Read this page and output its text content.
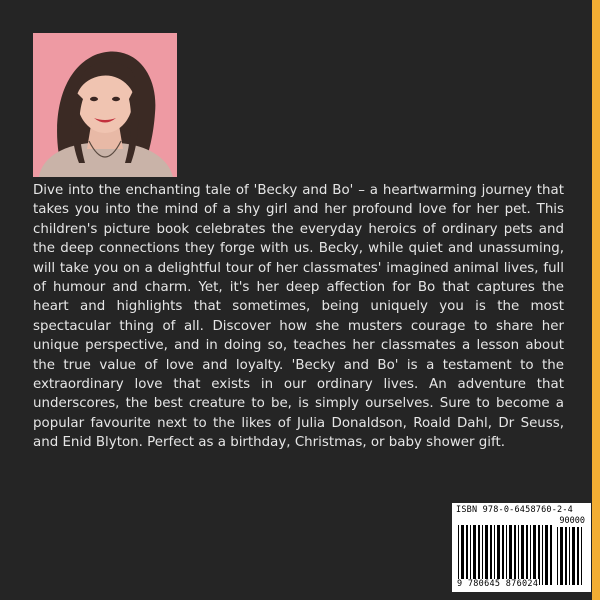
Dive into the enchanting tale of 'Becky and Bo' – a heartwarming journey that takes you into the mind of a shy girl and her profound love for her pet. This children's picture book celebrates the everyday heroics of ordinary pets and the deep connections they forge with us. Becky, while quiet and unassuming, will take you on a delightful tour of her classmates' imagined animal lives, full of humour and charm. Yet, it's her deep affection for Bo that captures the heart and highlights that sometimes, being uniquely you is the most spectacular thing of all. Discover how she musters courage to share her unique perspective, and in doing so, teaches her classmates a lesson about the true value of love and loyalty. 'Becky and Bo' is a testament to the extraordinary love that exists in our ordinary lives. An adventure that underscores, the best creature to be, is simply ourselves. Sure to become a popular favourite next to the likes of Julia Donaldson, Roald Dahl, Dr Seuss, and Enid Blyton. Perfect as a birthday, Christmas, or baby shower gift.

ISBN 978-0-6458760-2-4
90000
9 780645 876024
